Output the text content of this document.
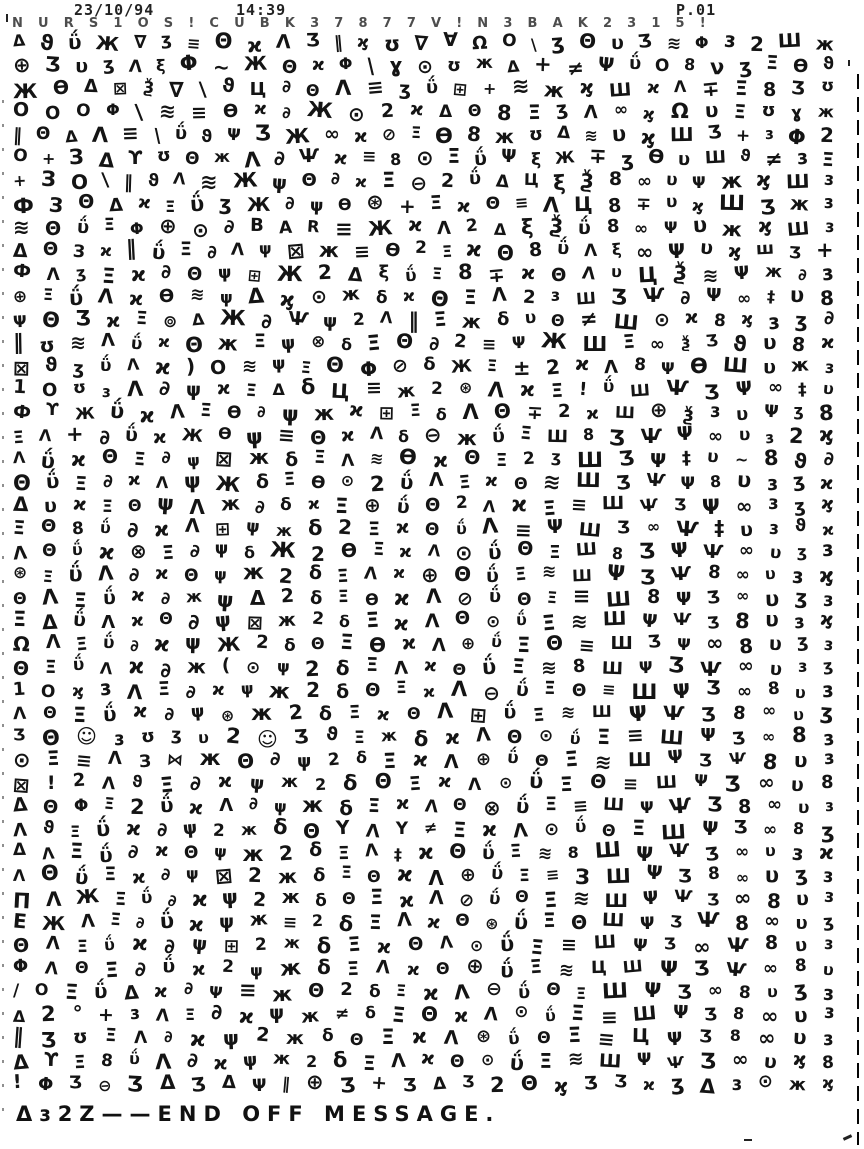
23/10/94	14:39	P.01
N U R S 1 O S ! C U B K 3 7 8 7 7 V ! N 3 B A K 2 3 1 5 !
Δ ϑ ΰ Ж ∇ ʒ ≡ Θ ϰ Λ Ӡ ‖ ϗ ʊ ∇ ∀ Ω O \ ӡ Θ υ Ʒ ≋ Φ ɜ 2 Ш ж
⊕ Ӡ υ ʒ Λ ξ Φ ~ Ж Θ ϰ Φ \ ɣ ⊙ ʊ ж Δ + ≠ Ψ ΰ O 8 ν ʒ Ξ Ѳ ϑ
Ж Ѳ Δ ⊠ Ѯ ∇ \ ϑ Ц ∂ Θ Λ ≡ ʒ ΰ ⊞ + ≋ ж ϗ Ш ϰ Λ ∓ Ξ 8 Ӡ ʊ
O O O Φ \ ≋ ≡ Ѳ ϰ ∂ Ж ⊙ 2 ϰ Δ Θ 8 Ξ ʒ Λ ∞ ϗ Ω υ Ξ ʊ ɣ ж
‖ Θ Δ Λ ≡ \ ΰ ϑ Ψ Ʒ Ж ∞ ϰ ⊘ Ξ Ѳ 8 ж ʊ Δ ≋ υ ϗ Ш Ӡ + ɜ Φ 2
O + З Δ ϒ ʊ Θ ж Λ ∂ Ѱ ϰ ≡ 8 ⊙ Ξ ΰ Ψ ξ Ж ∓ ʒ Ѳ υ Ш ϑ ≠ ɜ Ξ
+ З O \ ‖ ϑ Λ ≋ Ж ψ Θ ∂ ϰ Ξ ⊖ 2 ΰ Δ Ц ξ Ѯ 8 ∞ υ Ψ ж ϗ Ш ɜ
Ф З Θ Δ ϰ Ξ ΰ ʒ Ж ∂ ψ Ѳ ⊛ + Ξ ϰ Θ ≡ Λ Ц 8 ∓ υ ϗ Ш Ӡ ж ɜ
≋ Θ ΰ Ξ Φ ⊕ ⊙ ∂ B A R ≡ Ж ϰ Λ 2 Δ ξ Ѯ ΰ 8 ∞ Ψ υ ж ϗ Ш ɜ
Δ Θ З ϰ ‖ ΰ Ξ ∂ Λ ψ ⊠ ж ≡ Ѳ 2 Ξ ϰ Θ 8 ΰ Λ ξ ∞ Ψ υ ϗ ш Ӡ +
Ф Λ ʒ Ξ ϰ ∂ Θ ψ ⊞ Ж 2 Δ ξ ΰ Ξ 8 ∓ ϰ Θ Λ υ Ц Ѯ ≋ Ψ ж ∂ ɜ
⊕ Ξ ΰ Λ ϰ Ѳ ≋ ψ Δ ϗ ⊙ ж δ ϰ Θ Ξ Λ 2 ɜ Ш Ӡ Ѱ ∂ Ψ ∞ ‡ υ 8
Ψ Θ Ӡ ϰ Ξ ⊚ Δ Ж ∂ Ѱ ψ 2 Λ ‖ Ξ ж δ υ Θ ≠ Ш ⊙ ϰ 8 ϗ ɜ ʒ ∂
‖ ʊ ≋ Λ ΰ ϰ Θ ж Ξ ψ ⊗ δ Ξ Θ ∂ 2 ≡ Ψ Ж Ш Ξ ∞ ѯ Ӡ ϑ υ 8 ϰ
⊠ ϑ ʒ ΰ Λ ϰ ) O ≋ ψ Ξ Θ Φ ⊘ δ Ж Ξ ± 2 ϰ Λ 8 Ψ Ѳ Ш υ ж ɜ
1 O ʊ ɜ Λ ∂ ψ ϰ Ξ Δ δ Ц ≡ ж 2 ⊛ Λ ϰ Ξ ! ΰ Ш Ѱ Ӡ Ψ ∞ ‡ υ
Ф ϒ Ж ΰ ϰ Λ Ξ Ѳ ∂ ψ ж ϰ ⊞ Ξ δ Λ Θ ∓ 2 ϰ Ш ⊕ ѯ ɜ υ Ψ ʒ 8
Ξ Λ + ∂ ΰ ϰ Ж Ѳ ψ ≡ Θ ϰ Λ δ ⊖ ж ΰ Ξ Ш 8 Ӡ Ѱ Ψ ∞ υ ɜ 2 ϗ
Λ ΰ ϰ Θ Ξ ∂ ψ ⊠ ж δ Ξ Λ ≋ Ѳ ϰ Θ Ξ 2 ʒ Ш Ӡ Ψ ‡ υ ~ 8 ϑ ∂
Θ ΰ Ξ ∂ ϰ Λ ψ Ж δ Ξ Ѳ ⊙ 2 ΰ Λ Ξ ϰ Θ ≋ Ш Ӡ Ѱ Ψ 8 υ ɜ ʒ ϰ
Δ υ ϰ Ξ Θ ψ Λ ж ∂ δ ϰ Ξ ⊕ ΰ Θ 2 Λ ϰ Ξ ≡ Ш Ѱ Ӡ Ψ ∞ ɜ ʒ ϗ
Ξ Θ 8 ΰ ∂ ϰ Λ ⊞ ψ ж δ 2 Ξ ϰ Θ ΰ Λ ≡ Ψ Ш Ӡ ∞ Ѱ ‡ υ ɜ ϑ ϰ
Λ Θ ΰ ϰ ⊗ Ξ ∂ ψ δ Ж 2 Ѳ Ξ ϰ Λ ⊙ ΰ Θ Ξ Ш 8 Ӡ Ψ Ѱ ∞ υ ʒ ɜ
⊛ Ξ ΰ Λ ∂ ϰ Θ ψ ж 2 δ Ξ Λ ϰ ⊕ Θ ΰ Ξ ≋ Ш Ψ Ӡ Ѱ 8 ∞ υ ɜ ϗ
Θ Λ Ξ ΰ ϰ ∂ ж ψ Δ 2 δ Ξ Ѳ ϰ Λ ⊘ ΰ Θ Ξ ≡ Ш 8 Ψ Ӡ ∞ υ ʒ ɜ
Ξ Δ ΰ Λ ϰ Θ ∂ ψ ⊠ ж 2 δ Ξ ϰ Λ Θ ⊙ ΰ Ξ ≋ Ш Ψ Ѱ Ӡ 8 υ ɜ ϗ
Ω Λ Ξ ΰ ∂ ϰ ψ Ж 2 δ Θ Ξ Ѳ ϰ Λ ⊕ ΰ Ξ Θ ≡ Ш Ӡ Ψ ∞ 8 υ ʒ ɜ
Θ Ξ ΰ Λ ϰ ∂ ж ( ⊙ ψ 2 δ Ξ Λ ϰ Θ ΰ Ξ ≋ 8 Ш Ψ Ӡ Ѱ ∞ υ ɜ ʒ
1 O ϗ ɜ Λ Ξ ∂ ϰ ψ ж 2 δ Θ Ξ ϰ Λ ⊖ ΰ Ξ Θ ≡ Ш Ψ Ӡ ∞ 8 υ ɜ
Λ Θ Ξ ΰ ϰ ∂ ψ ⊛ ж 2 δ Ξ ϰ Θ Λ ⊞ ΰ Ξ ≋ Ш Ψ Ѱ Ӡ 8 ∞ υ ʒ
Ӡ Θ ☺ ɜ ʊ ʒ υ 2 ☺ Ʒ ϑ Ξ ж δ ϰ Λ Θ ⊙ ΰ Ξ ≡ Ш Ψ Ӡ ∞ 8 ɜ
⊙ Ξ ≡ Λ З ⋈ ж Θ ∂ ψ 2 δ Ξ ϰ Λ ⊕ ΰ Θ Ξ ≋ Ш Ψ Ӡ Ѱ 8 υ ɜ
⊠ ! 2 Λ ϑ Ξ ∂ ϰ ψ ж 2 δ Θ Ξ ϰ Λ ⊙ ΰ Ξ Θ ≡ Ш Ψ Ӡ ∞ υ 8
Δ Θ Φ Ξ 2 ΰ ϰ Λ ∂ ψ ж δ Ξ ϰ Λ Θ ⊗ ΰ Ξ ≡ Ш Ψ Ѱ Ӡ 8 ∞ υ ɜ
Λ ϑ Ξ ΰ ϰ ∂ ψ 2 ж δ Θ Y Λ Y ≠ Ξ ϰ Λ ⊙ ΰ Θ Ξ Ш Ψ Ӡ ∞ 8 ʒ
Δ Λ Ξ ΰ ∂ ϰ Θ ψ ж 2 δ Ξ Λ ‡ ϰ Θ ΰ Ξ ≋ 8 Ш Ψ Ѱ Ӡ ∞ υ ɜ ϰ
Λ Θ ΰ Ξ ϰ ∂ ψ ⊠ 2 ж δ Ξ Θ ϰ Λ ⊕ ΰ Ξ ≡ З Ш Ψ Ӡ 8 ∞ υ ʒ ɜ
П Λ Ж Ξ ΰ ∂ ϰ ψ 2 ж δ Θ Ξ ϰ Λ ⊘ ΰ Θ Ξ ≋ Ш Ψ Ѱ Ӡ ∞ 8 υ ɜ
Е Ж Λ Ξ ∂ ΰ ϰ ψ ж ≡ 2 δ Ξ Λ ϰ Θ ⊛ ΰ Ξ Θ Ш Ψ Ӡ Ѱ 8 ∞ υ ʒ
Θ Λ Ξ ΰ ϰ ∂ ψ ⊞ 2 ж δ Ξ ϰ Θ Λ ⊙ ΰ Ξ ≡ Ш Ψ Ӡ ∞ Ѱ 8 υ ɜ
Φ Λ Θ Ξ ∂ ΰ ϰ 2 ψ ж δ Ξ Λ ϰ Θ ⊕ ΰ Ξ ≋ Ц Ш Ψ Ӡ Ѱ ∞ 8 υ
/ O Ξ ΰ Δ ϰ ∂ Ψ ≡ ж Θ 2 δ Ξ ϰ Λ ⊖ ΰ Θ Ξ Ш Ψ Ӡ ∞ 8 υ ʒ ɜ
Δ 2 ° + ɜ Λ Ξ ∂ ϰ ψ ж ≠ δ Ξ Θ ϰ Λ ⊙ ΰ Ξ ≡ Ш Ψ Ӡ 8 ∞ υ ɜ
‖ Ӡ ʊ Ξ Λ ∂ ϰ ψ 2 ж δ Θ Ξ ϰ Λ ⊛ ΰ Θ Ξ ≡ Ц Ψ Ӡ 8 ∞ υ ɜ
Δ ϒ Ξ 8 ΰ Λ ∂ ϰ ψ ж 2 δ Ξ Λ ϰ Θ ⊙ ΰ Ξ ≋ Ш Ψ Ѱ Ӡ ∞ υ ϗ 8
! Φ Ӡ ⊖ Ʒ Δ Ӡ Δ Ψ ‖ ⊕ Ӡ + Ӡ Δ Ӡ 2 Θ ϗ Ӡ Ʒ ϰ ʒ Δ ɜ ⊙ ж ϗ
Δɜ2Z——END OFF MESSAGE.
